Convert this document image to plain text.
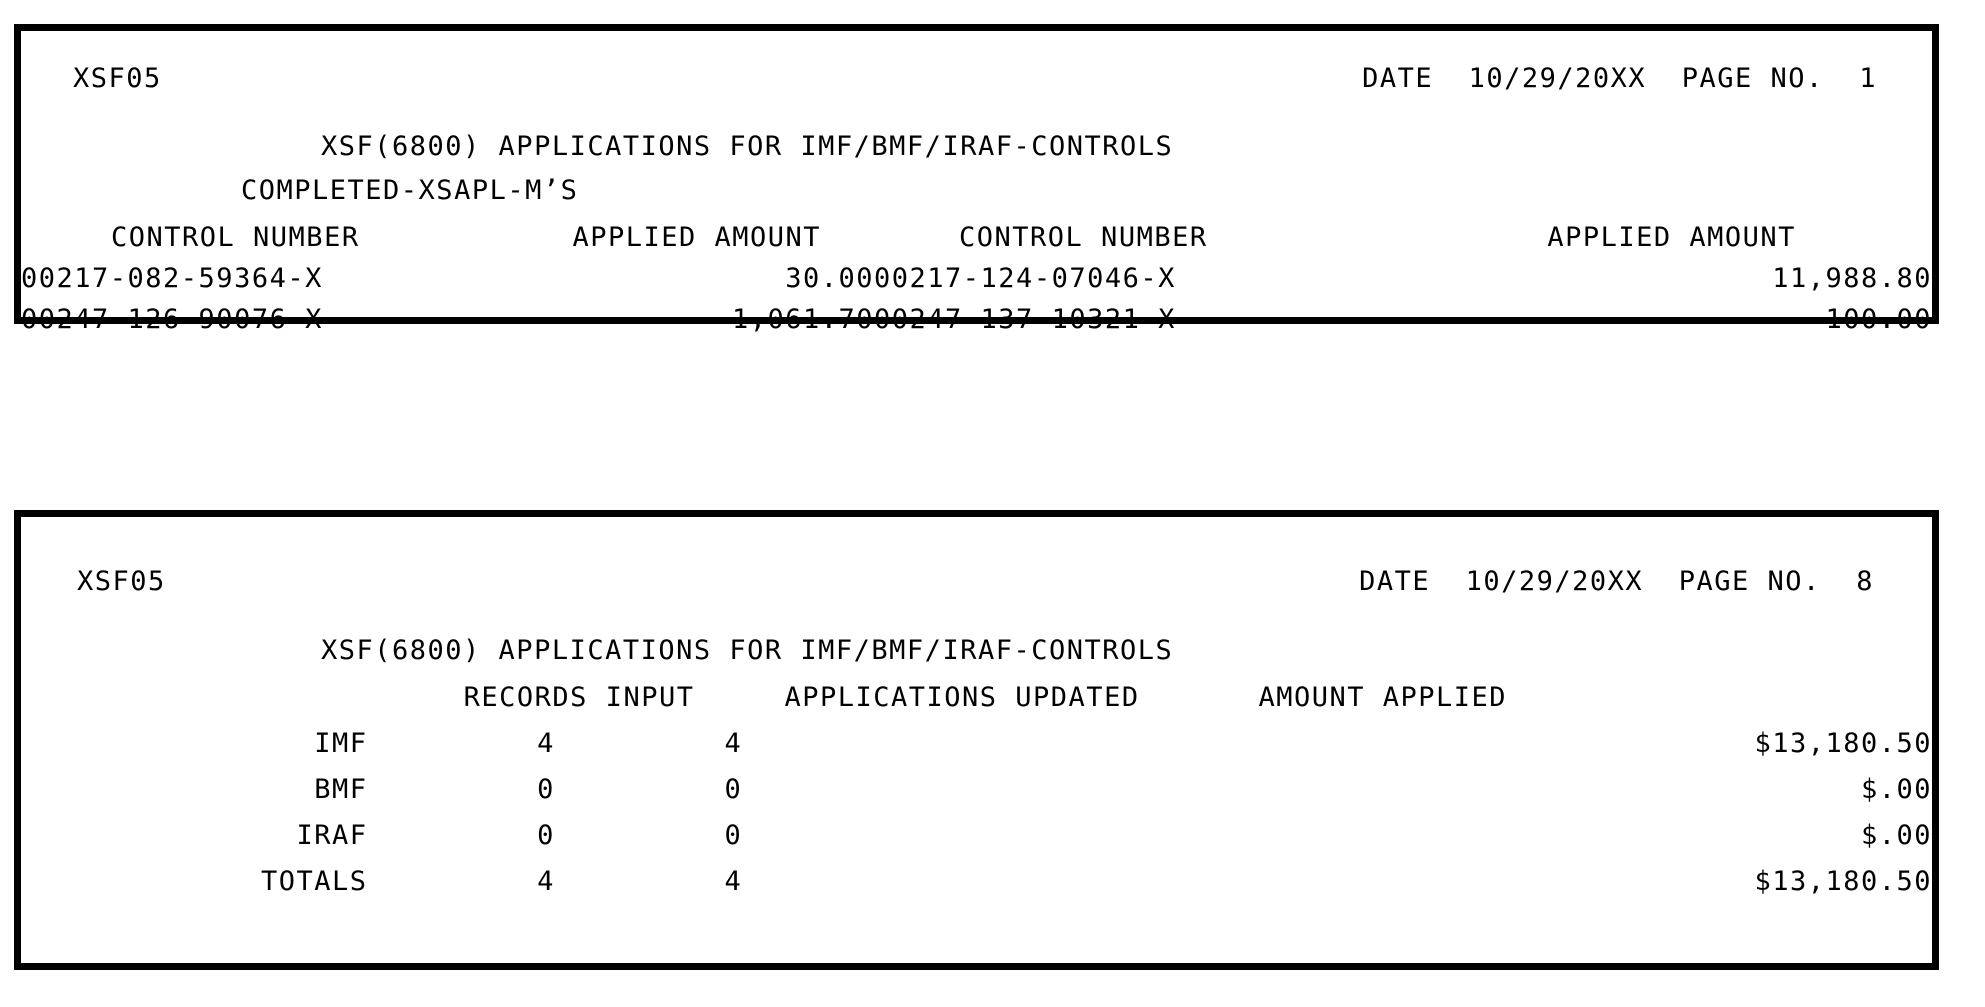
XSF05	DATE  10/29/20XX  PAGE NO.  1
XSF(6800) APPLICATIONS FOR IMF/BMF/IRAF-CONTROLS
COMPLETED-XSAPL-M’S
CONTROL NUMBER	APPLIED AMOUNT	CONTROL NUMBER	APPLIED AMOUNT
00217-082-59364-X	30.00	00217-124-07046-X	11,988.80
00247-126-90076-X	1,061.70	00247-137-10321-X	100.00
XSF05	DATE  10/29/20XX  PAGE NO.  8
XSF(6800) APPLICATIONS FOR IMF/BMF/IRAF-CONTROLS
	RECORDS INPUT	APPLICATIONS UPDATED	AMOUNT APPLIED
IMF	4	4	$13,180.50
BMF	0	0	$.00
IRAF	0	0	$.00
TOTALS	4	4	$13,180.50
